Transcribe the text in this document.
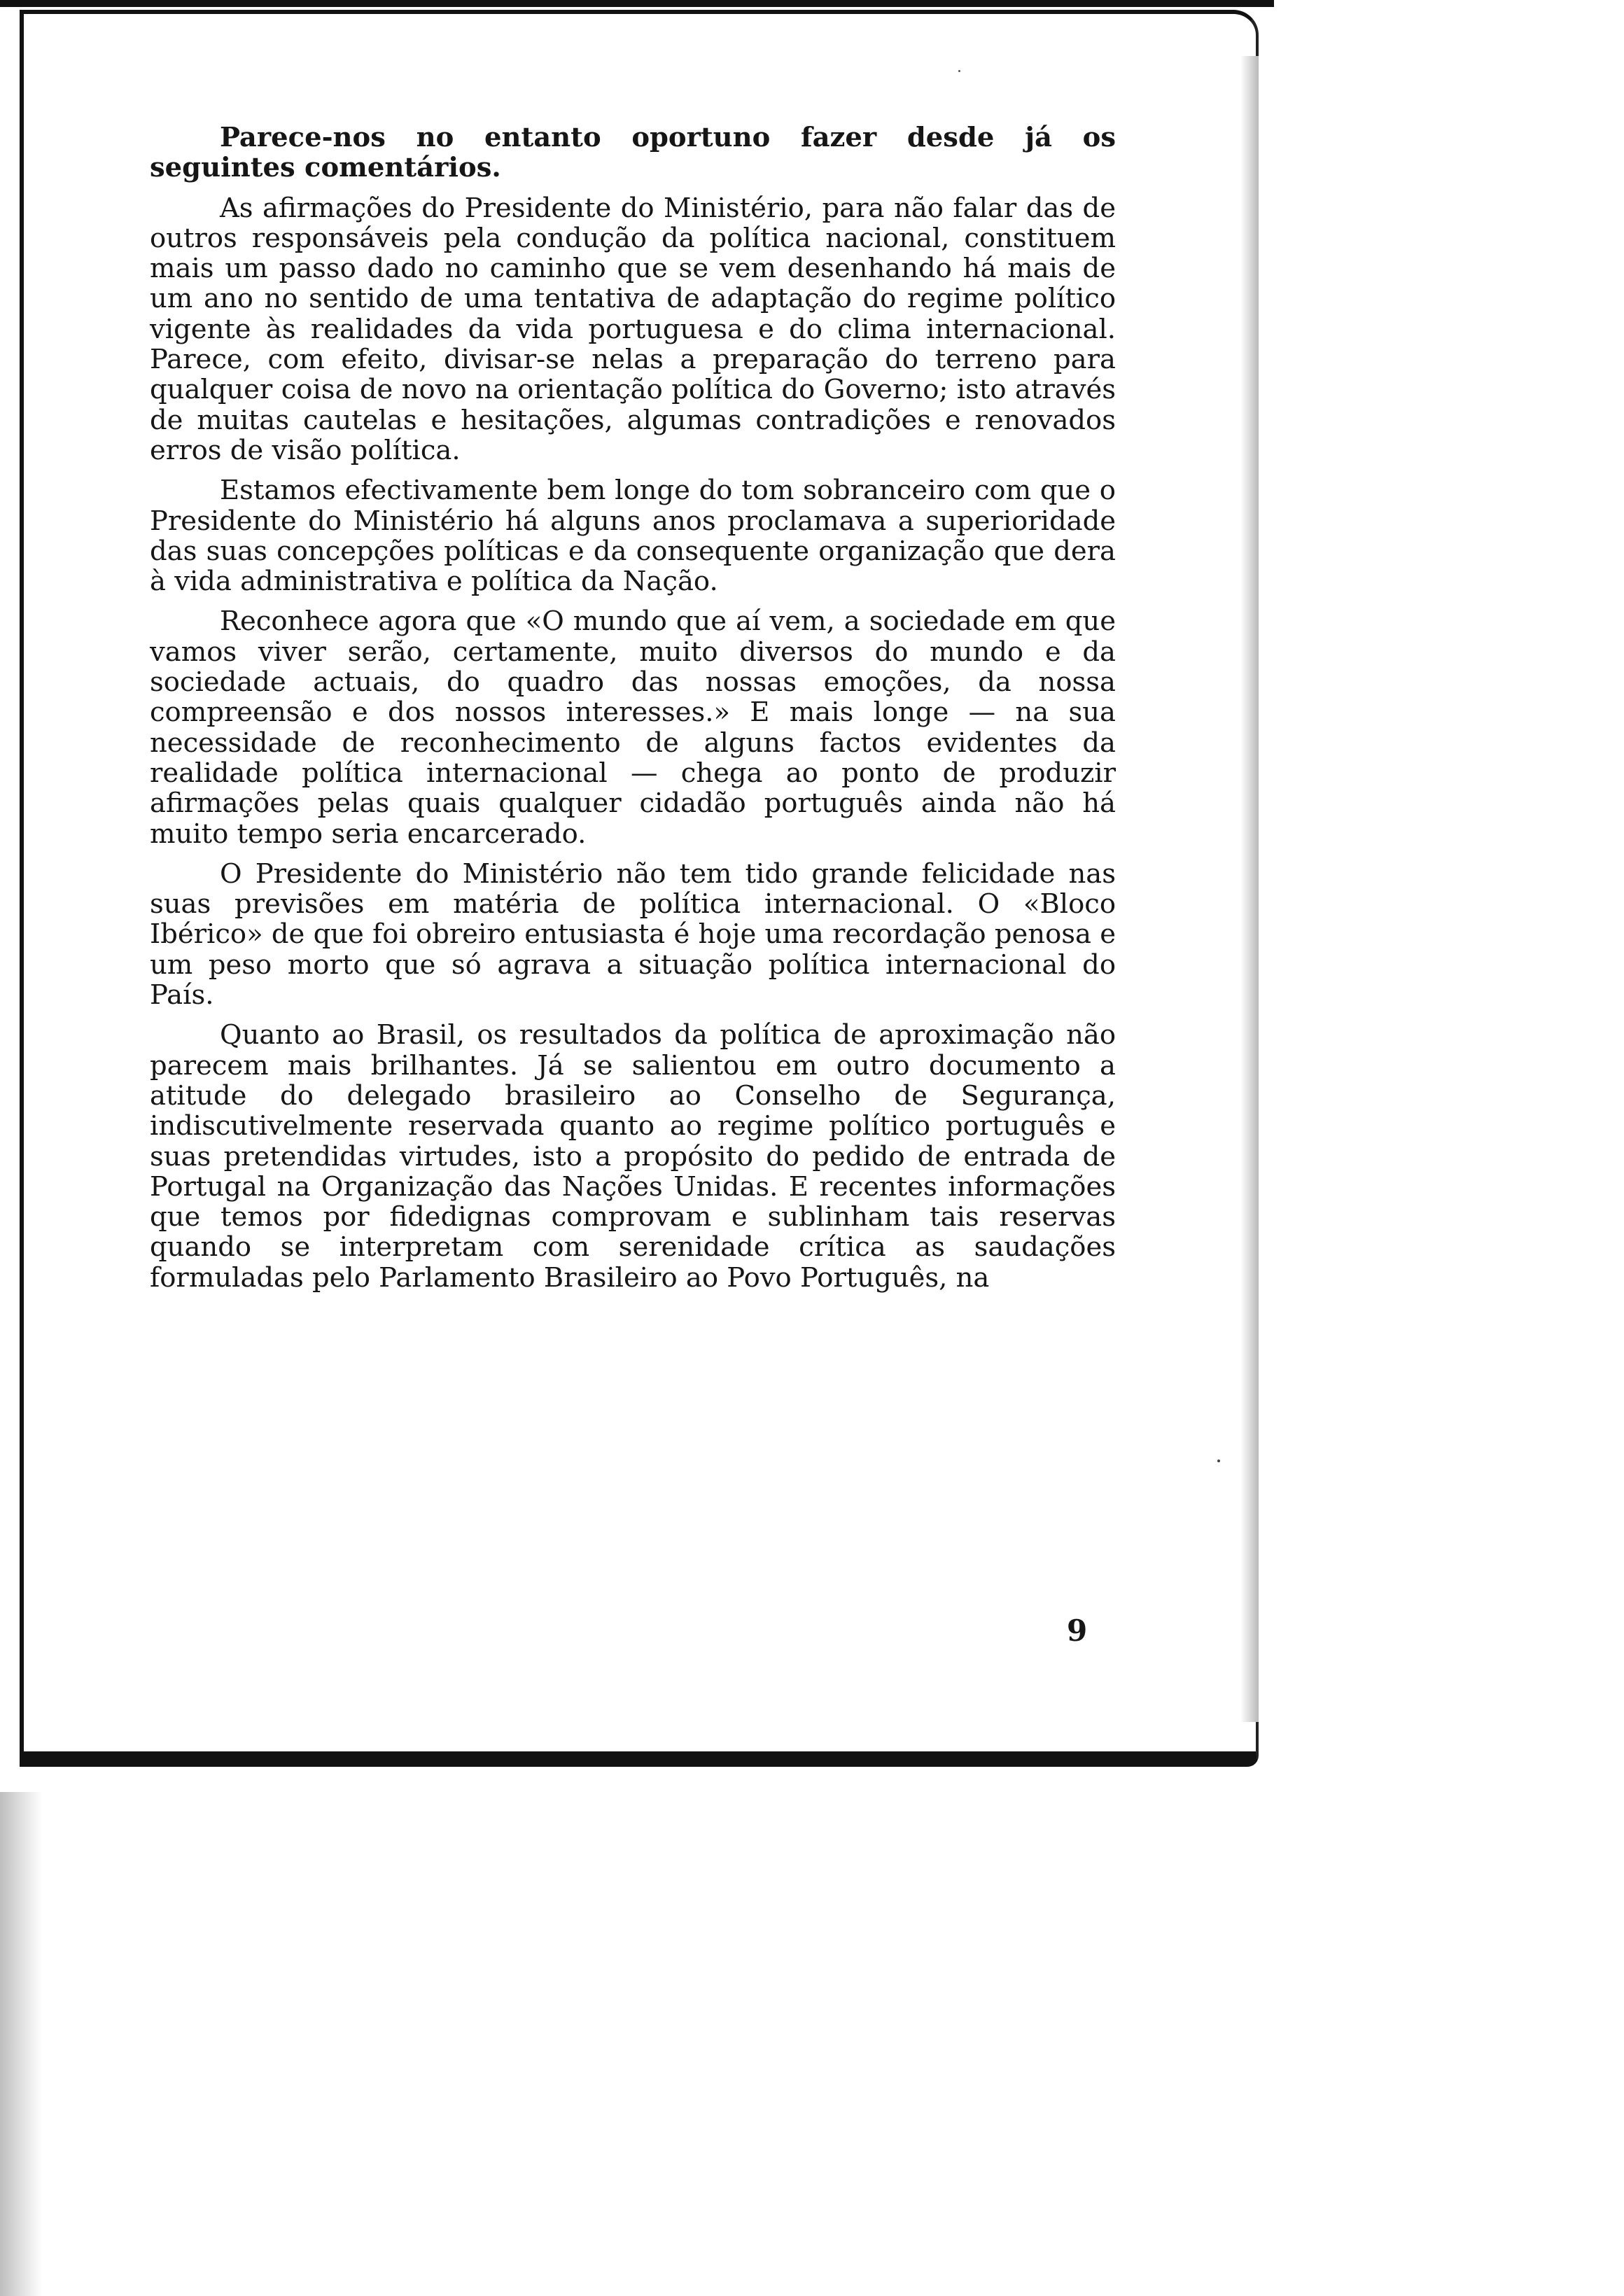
Parece-nos no entanto oportuno fazer desde já os seguintes comentários.

As afirmações do Presidente do Ministério, para não falar das de outros responsáveis pela condução da política nacional, constituem mais um passo dado no caminho que se vem desenhando há mais de um ano no sentido de uma tentativa de adaptação do regime político vigente às realidades da vida portuguesa e do clima internacional. Parece, com efeito, divisar-se nelas a preparação do terreno para qualquer coisa de novo na orientação política do Governo; isto através de muitas cautelas e hesitações, algumas contradições e renovados erros de visão política.

Estamos efectivamente bem longe do tom sobranceiro com que o Presidente do Ministério há alguns anos proclamava a superioridade das suas concepções políticas e da consequente organização que dera à vida administrativa e política da Nação.

Reconhece agora que «O mundo que aí vem, a sociedade em que vamos viver serão, certamente, muito diversos do mundo e da sociedade actuais, do quadro das nossas emoções, da nossa compreensão e dos nossos interesses.» E mais longe — na sua necessidade de reconhecimento de alguns factos evidentes da realidade política internacional — chega ao ponto de produzir afirmações pelas quais qualquer cidadão português ainda não há muito tempo seria encarcerado.

O Presidente do Ministério não tem tido grande felicidade nas suas previsões em matéria de política internacional. O «Bloco Ibérico» de que foi obreiro entusiasta é hoje uma recordação penosa e um peso morto que só agrava a situação política internacional do País.

Quanto ao Brasil, os resultados da política de aproximação não parecem mais brilhantes. Já se salientou em outro documento a atitude do delegado brasileiro ao Conselho de Segurança, indiscutivelmente reservada quanto ao regime político português e suas pretendidas virtudes, isto a propósito do pedido de entrada de Portugal na Organização das Nações Unidas. E recentes informações que temos por fidedignas comprovam e sublinham tais reservas quando se interpretam com serenidade crítica as saudações formuladas pelo Parlamento Brasileiro ao Povo Português, na

9
